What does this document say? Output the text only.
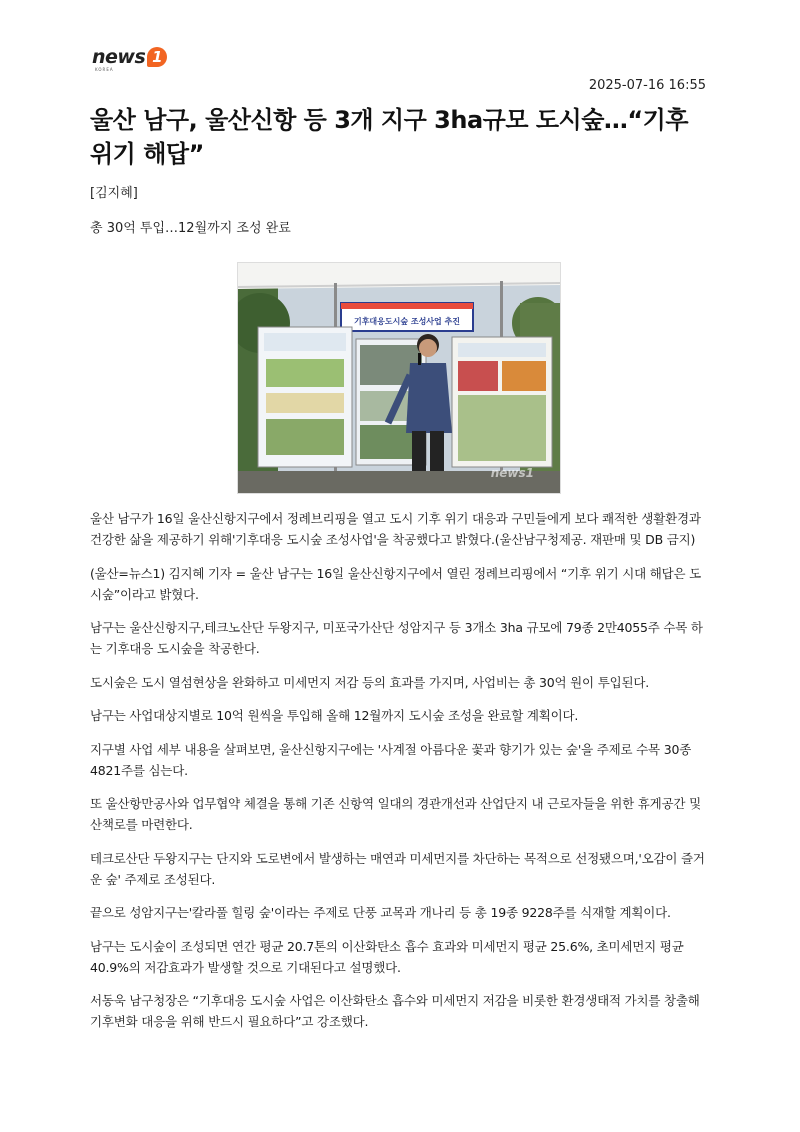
news 1
KOREA
2025-07-16 16:55
울산 남구, 울산신항 등 3개 지구 3ha규모 도시숲…“기후위기 해답”
[김지혜]
총 30억 투입…12월까지 조성 완료
기후대응도시숲 조성사업 추진
news1

울산 남구가 16일 울산신항지구에서 정례브리핑을 열고 도시 기후 위기 대응과 구민들에게 보다 쾌적한 생활환경과 건강한 삶을 제공하기 위해'기후대응 도시숲 조성사업'을 착공했다고 밝혔다.(울산남구청제공. 재판매 및 DB 금지)

(울산=뉴스1) 김지혜 기자 = 울산 남구는 16일 울산신항지구에서 열린 정례브리핑에서 “기후 위기 시대 해답은 도시숲”이라고 밝혔다.

남구는 울산신항지구,테크노산단 두왕지구, 미포국가산단 성암지구 등 3개소 3ha 규모에 79종 2만4055주 수목 하는 기후대응 도시숲을 착공한다.

도시숲은 도시 열섬현상을 완화하고 미세먼지 저감 등의 효과를 가지며, 사업비는 총 30억 원이 투입된다.

남구는 사업대상지별로 10억 원씩을 투입해 올해 12월까지 도시숲 조성을 완료할 계획이다.

지구별 사업 세부 내용을 살펴보면, 울산신항지구에는 '사계절 아름다운 꽃과 향기가 있는 숲'을 주제로 수목 30종 4821주를 심는다.

또 울산항만공사와 업무협약 체결을 통해 기존 신항역 일대의 경관개선과 산업단지 내 근로자들을 위한 휴게공간 및 산책로를 마련한다.

테크로산단 두왕지구는 단지와 도로변에서 발생하는 매연과 미세먼지를 차단하는 목적으로 선정됐으며,'오감이 즐거운 숲' 주제로 조성된다.

끝으로 성암지구는'칼라풀 힐링 숲'이라는 주제로 단풍 교목과 개나리 등 총 19종 9228주를 식재할 계획이다.

남구는 도시숲이 조성되면 연간 평균 20.7톤의 이산화탄소 흡수 효과와 미세먼지 평균 25.6%, 초미세먼지 평균 40.9%의 저감효과가 발생할 것으로 기대된다고 설명했다.

서동욱 남구청장은 “기후대응 도시숲 사업은 이산화탄소 흡수와 미세먼지 저감을 비롯한 환경생태적 가치를 창출해 기후변화 대응을 위해 반드시 필요하다”고 강조했다.
